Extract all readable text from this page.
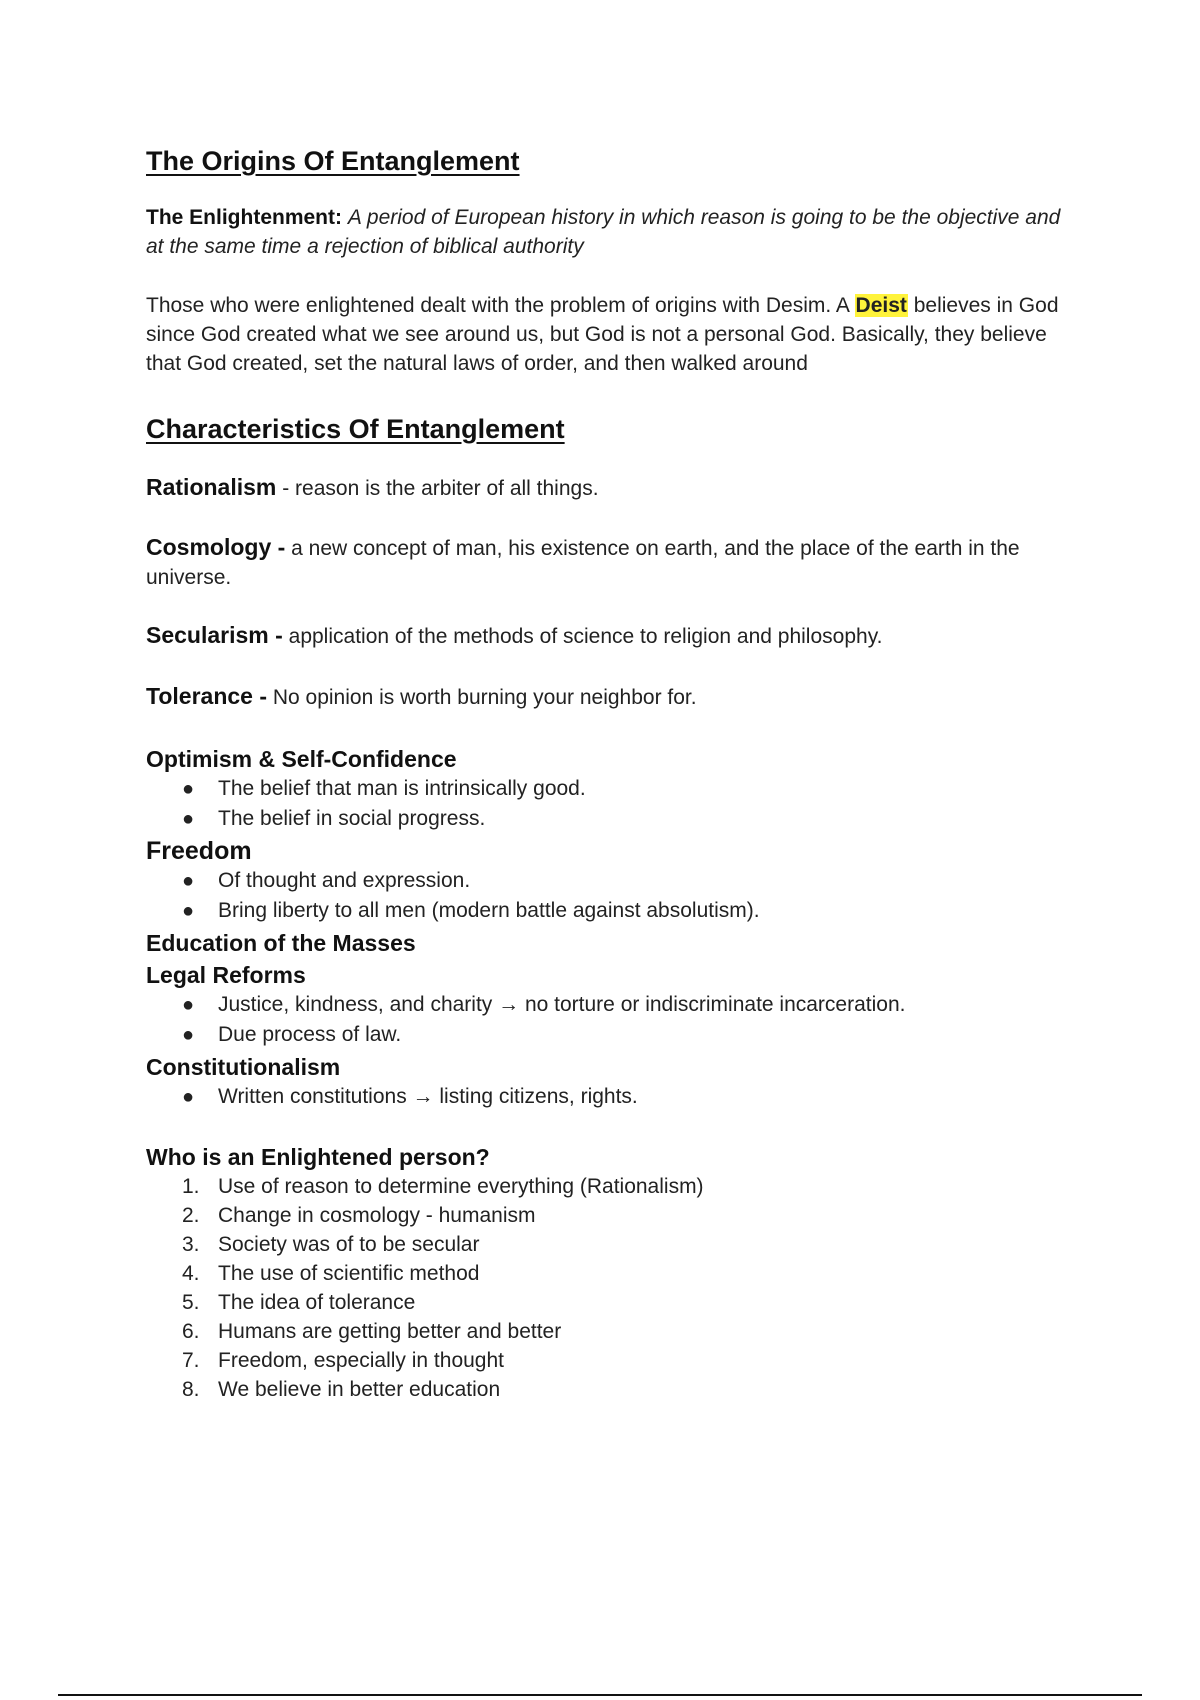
The Origins Of Entanglement

The Enlightenment: A period of European history in which reason is going to be the objective and at the same time a rejection of biblical authority

Those who were enlightened dealt with the problem of origins with Desim. A Deist believes in God since God created what we see around us, but God is not a personal God. Basically, they believe that God created, set the natural laws of order, and then walked around

Characteristics Of Entanglement

Rationalism - reason is the arbiter of all things.

Cosmology - a new concept of man, his existence on earth, and the place of the earth in the universe.

Secularism - application of the methods of science to religion and philosophy.

Tolerance - No opinion is worth burning your neighbor for.

Optimism & Self-Confidence
● The belief that man is intrinsically good.
● The belief in social progress.
Freedom
● Of thought and expression.
● Bring liberty to all men (modern battle against absolutism).
Education of the Masses
Legal Reforms
● Justice, kindness, and charity → no torture or indiscriminate incarceration.
● Due process of law.
Constitutionalism
● Written constitutions → listing citizens, rights.
Who is an Enlightened person?
1. Use of reason to determine everything (Rationalism)
2. Change in cosmology - humanism
3. Society was of to be secular
4. The use of scientific method
5. The idea of tolerance
6. Humans are getting better and better
7. Freedom, especially in thought
8. We believe in better education
